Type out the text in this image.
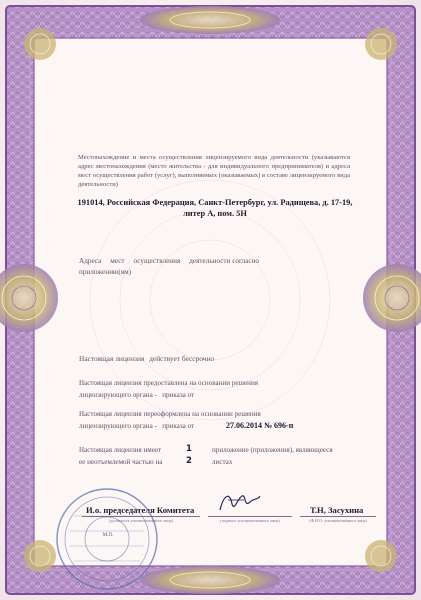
Местонахождение и места осуществления лицензируемого вида деятельности (указываются адрес местонахождения (место жительства - для индивидуального предпринимателя) и адреса мест осуществления работ (услуг), выполняемых (оказываемых) в составе лицензируемого вида деятельности)
191014, Российская Федерация, Санкт-Петербург, ул. Радищева, д. 17-19,
литер А, пом. 5Н
Адреса     мест     осуществления     деятельности согласно
приложению(ям)
Настоящая лицензия действует бессрочно
Настоящая лицензия предоставлена на основании решения
лицензирующего органа -   приказа от
Настоящая лицензия переоформлена на основании решения
лицензирующего органа -   приказа от	27.06.2014 № 696-п
Настоящая лицензия имеет	1	приложение (приложения), являющееся
ее неотъемлемой частью на	2	листах
И.о. председателя Комитета
(должность уполномоченного лица)	(подпись уполномоченного лица)
Т.Н, Засухина
(Ф.И.О. уполномоченного лица)
М.П.
